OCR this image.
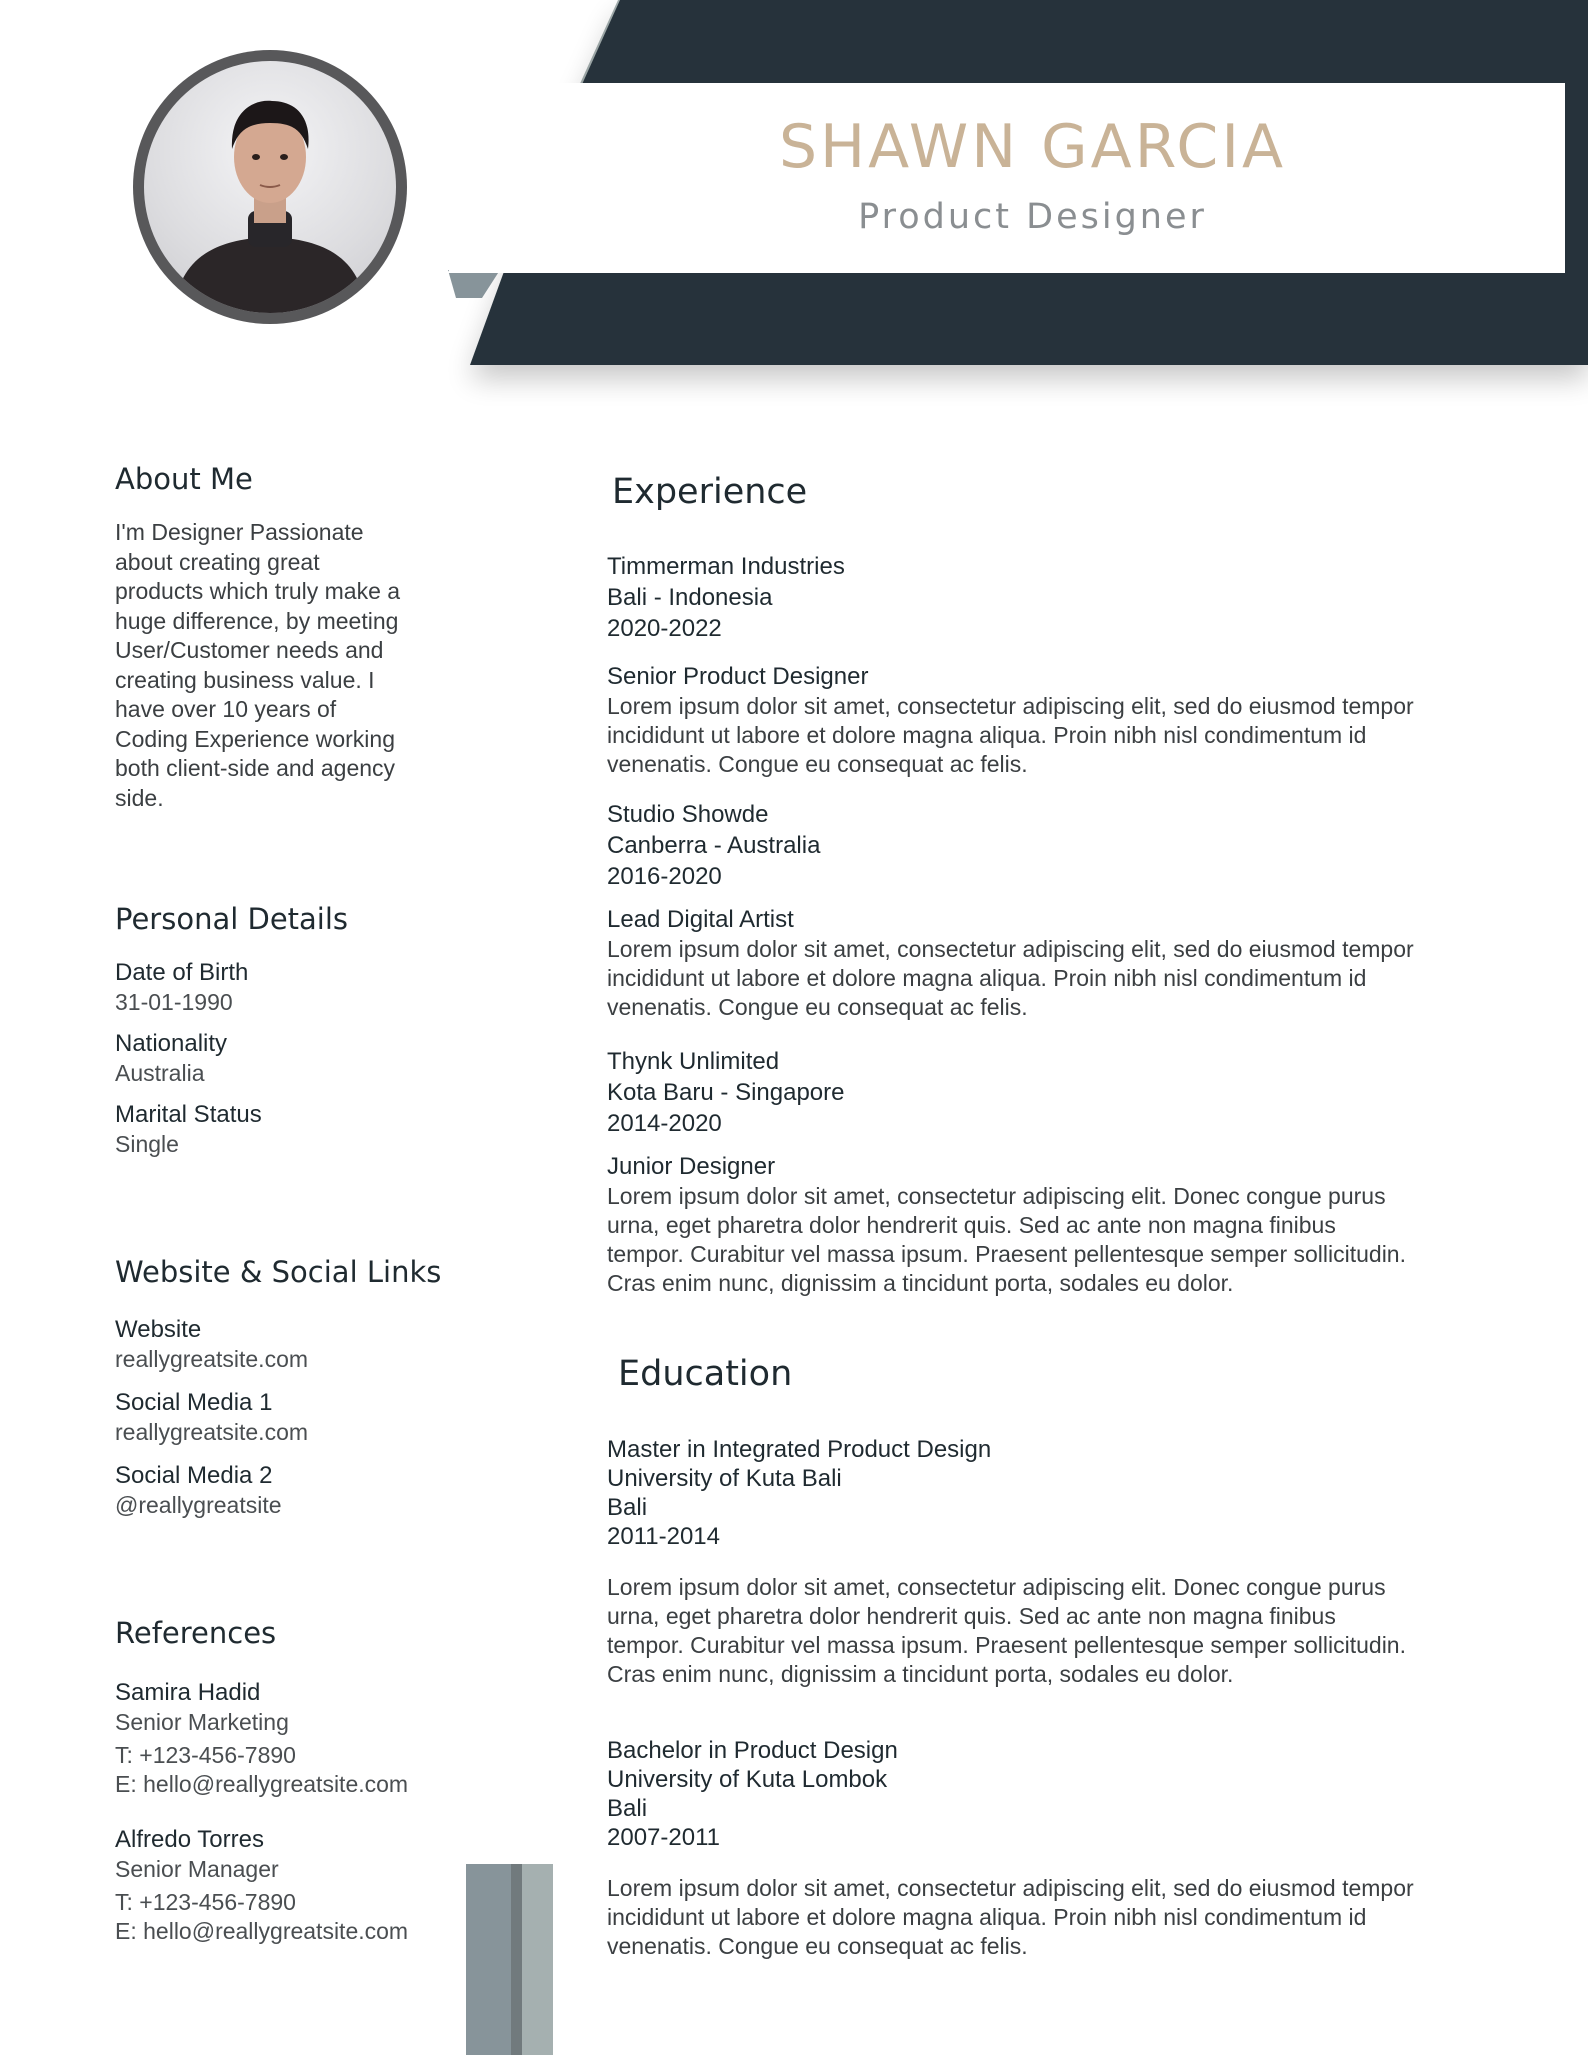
SHAWN GARCIA
Product Designer
About Me
I'm Designer Passionate
about creating great
products which truly make a
huge difference, by meeting
User/Customer needs and
creating business value. I
have over 10 years of
Coding Experience working
both client-side and agency
side.
Personal Details
Date of Birth
31-01-1990
Nationality
Australia
Marital Status
Single
Website & Social Links
Website
reallygreatsite.com
Social Media 1
reallygreatsite.com
Social Media 2
@reallygreatsite
References
Samira Hadid
Senior Marketing
T: +123-456-7890
E: hello@reallygreatsite.com
Alfredo Torres
Senior Manager
T: +123-456-7890
E: hello@reallygreatsite.com
Experience
Timmerman Industries
Bali - Indonesia
2020-2022
Senior Product Designer
Lorem ipsum dolor sit amet, consectetur adipiscing elit, sed do eiusmod tempor
incididunt ut labore et dolore magna aliqua. Proin nibh nisl condimentum id
venenatis. Congue eu consequat ac felis.
Studio Showde
Canberra - Australia
2016-2020
Lead Digital Artist
Lorem ipsum dolor sit amet, consectetur adipiscing elit, sed do eiusmod tempor
incididunt ut labore et dolore magna aliqua. Proin nibh nisl condimentum id
venenatis. Congue eu consequat ac felis.
Thynk Unlimited
Kota Baru - Singapore
2014-2020
Junior Designer
Lorem ipsum dolor sit amet, consectetur adipiscing elit. Donec congue purus
urna, eget pharetra dolor hendrerit quis. Sed ac ante non magna finibus
tempor. Curabitur vel massa ipsum. Praesent pellentesque semper sollicitudin.
Cras enim nunc, dignissim a tincidunt porta, sodales eu dolor.
Education
Master in Integrated Product Design
University of Kuta Bali
Bali
2011-2014
Lorem ipsum dolor sit amet, consectetur adipiscing elit. Donec congue purus
urna, eget pharetra dolor hendrerit quis. Sed ac ante non magna finibus
tempor. Curabitur vel massa ipsum. Praesent pellentesque semper sollicitudin.
Cras enim nunc, dignissim a tincidunt porta, sodales eu dolor.
Bachelor in Product Design
University of Kuta Lombok
Bali
2007-2011
Lorem ipsum dolor sit amet, consectetur adipiscing elit, sed do eiusmod tempor
incididunt ut labore et dolore magna aliqua. Proin nibh nisl condimentum id
venenatis. Congue eu consequat ac felis.
